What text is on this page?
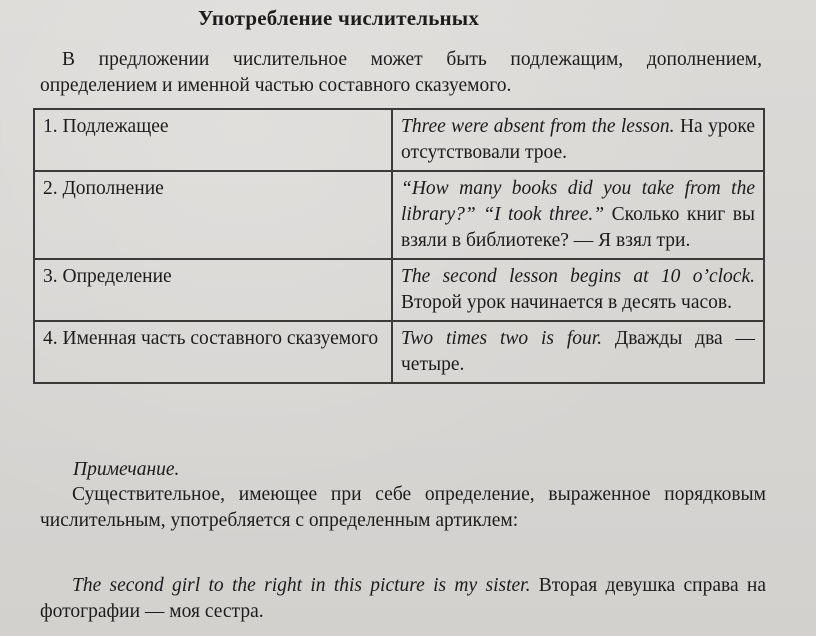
Употребление числительных
В предложении числительное может быть подлежащим, дополнением, определением и именной частью составного сказуемого.
1. Подлежащее	Three were absent from the lesson. На уроке отсутствовали трое.
2. Дополнение	“How many books did you take from the library?” “I took three.” Сколько книг вы взяли в библиотеке? — Я взял три.
3. Определение	The second lesson begins at 10 o’clock. Второй урок начинается в десять часов.
4. Именная часть составного сказуемого	Two times two is four. Дважды два — четыре.
Примечание.
Существительное, имеющее при себе определение, выраженное порядковым числительным, употребляется с определенным артиклем:
The second girl to the right in this picture is my sister. Вторая девушка справа на фотографии — моя сестра.
